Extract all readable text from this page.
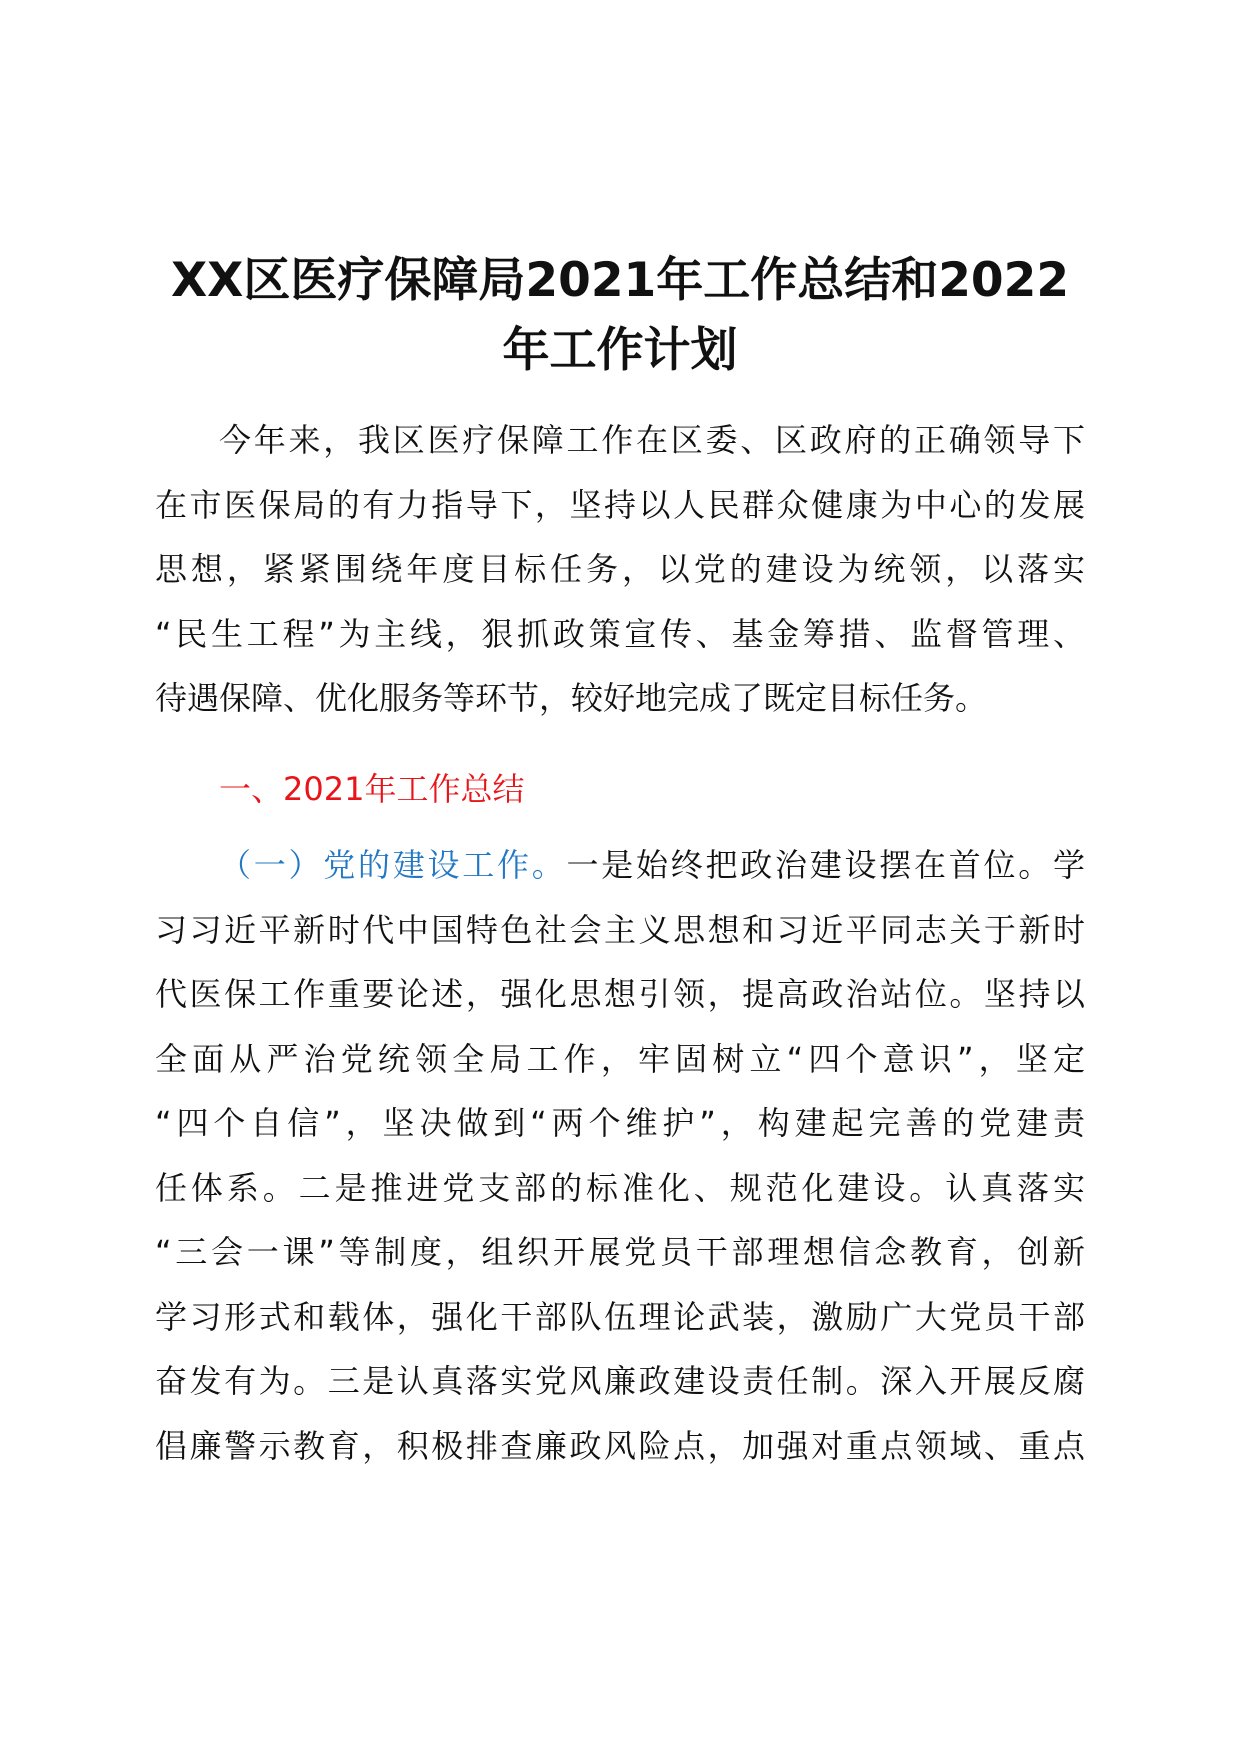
XX区医疗保障局2021年工作总结和2022
年工作计划
今年来，我区医疗保障工作在区委、区政府的正确领导下
在市医保局的有力指导下，坚持以人民群众健康为中心的发展
思想，紧紧围绕年度目标任务，以党的建设为统领，以落实
“民生工程”为主线，狠抓政策宣传、基金筹措、监督管理、
待遇保障、优化服务等环节，较好地完成了既定目标任务。
一、2021年工作总结
（一）党的建设工作。一是始终把政治建设摆在首位。学
习习近平新时代中国特色社会主义思想和习近平同志关于新时
代医保工作重要论述，强化思想引领，提高政治站位。坚持以
全面从严治党统领全局工作，牢固树立“四个意识”，坚定
“四个自信”，坚决做到“两个维护”，构建起完善的党建责
任体系。二是推进党支部的标准化、规范化建设。认真落实
“三会一课”等制度，组织开展党员干部理想信念教育，创新
学习形式和载体，强化干部队伍理论武装，激励广大党员干部
奋发有为。三是认真落实党风廉政建设责任制。深入开展反腐
倡廉警示教育，积极排查廉政风险点，加强对重点领域、重点
